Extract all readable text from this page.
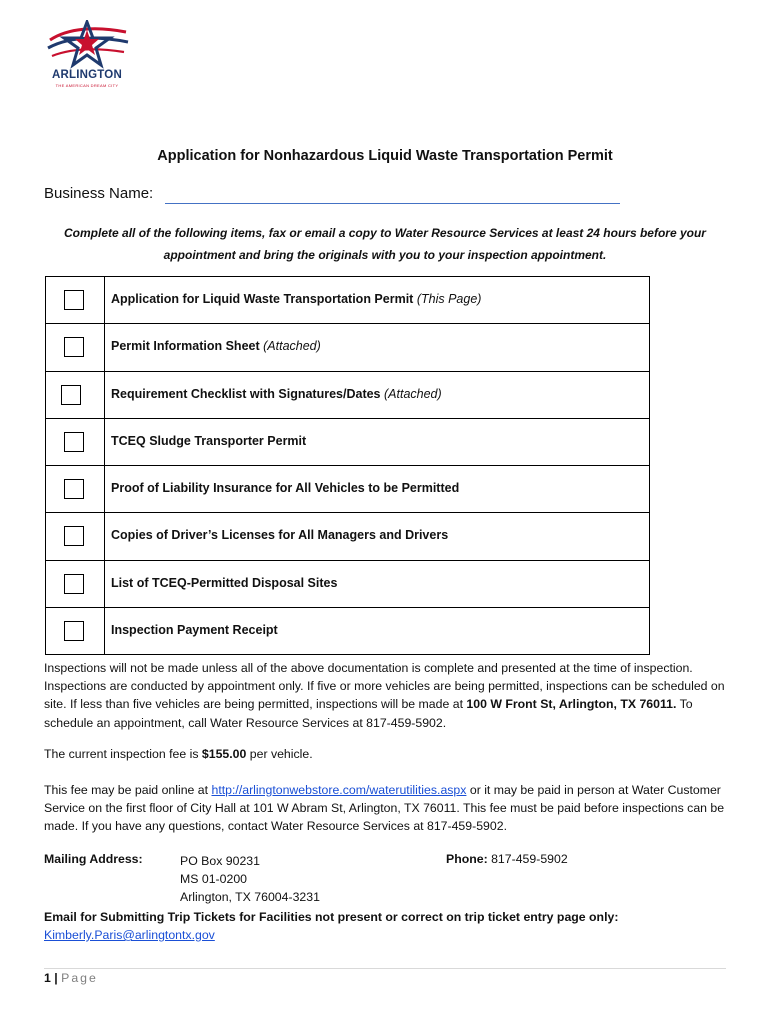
ARLINGTON
THE AMERICAN DREAM CITY
Application for Nonhazardous Liquid Waste Transportation Permit
Business Name:
Complete all of the following items, fax or email a copy to Water Resource Services at least 24 hours before your appointment and bring the originals with you to your inspection appointment.
Application for Liquid Waste Transportation Permit (This Page)
Permit Information Sheet (Attached)
Requirement Checklist with Signatures/Dates (Attached)
TCEQ Sludge Transporter Permit
Proof of Liability Insurance for All Vehicles to be Permitted
Copies of Driver’s Licenses for All Managers and Drivers
List of TCEQ-Permitted Disposal Sites
Inspection Payment Receipt
Inspections will not be made unless all of the above documentation is complete and presented at the time of inspection. Inspections are conducted by appointment only. If five or more vehicles are being permitted, inspections can be scheduled on site. If less than five vehicles are being permitted, inspections will be made at 100 W Front St, Arlington, TX 76011. To schedule an appointment, call Water Resource Services at 817-459-5902.
The current inspection fee is $155.00 per vehicle.
This fee may be paid online at http://arlingtonwebstore.com/waterutilities.aspx or it may be paid in person at Water Customer Service on the first floor of City Hall at 101 W Abram St, Arlington, TX 76011. This fee must be paid before inspections can be made. If you have any questions, contact Water Resource Services at 817-459-5902.
Mailing Address:	PO Box 90231
MS 01-0200
Arlington, TX 76004-3231
Phone: 817-459-5902
Email for Submitting Trip Tickets for Facilities not present or correct on trip ticket entry page only:
Kimberly.Paris@arlingtontx.gov
1 | Page
